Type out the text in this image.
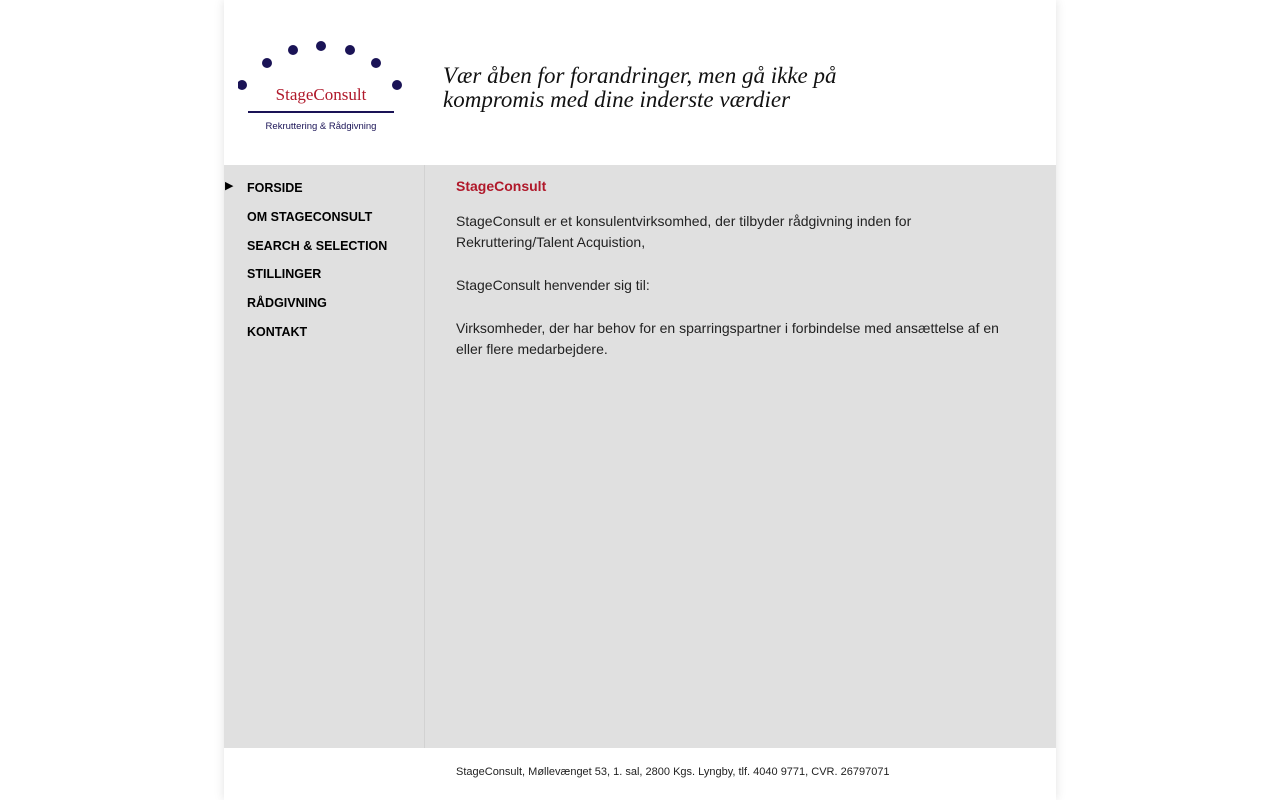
StageConsult
Rekruttering & Rådgivning
Vær åben for forandringer, men gå ikke på
kompromis med dine inderste værdier
▶ FORSIDE
OM STAGECONSULT
SEARCH & SELECTION
STILLINGER
RÅDGIVNING
KONTAKT
StageConsult

StageConsult er et konsulentvirksomhed, der tilbyder rådgivning inden for Rekruttering/Talent Acquistion,

StageConsult henvender sig til:

Virksomheder, der har behov for en sparringspartner i forbindelse med ansættelse af en eller flere medarbejdere.

StageConsult, Møllevænget 53, 1. sal, 2800 Kgs. Lyngby, tlf. 4040 9771, CVR. 26797071
